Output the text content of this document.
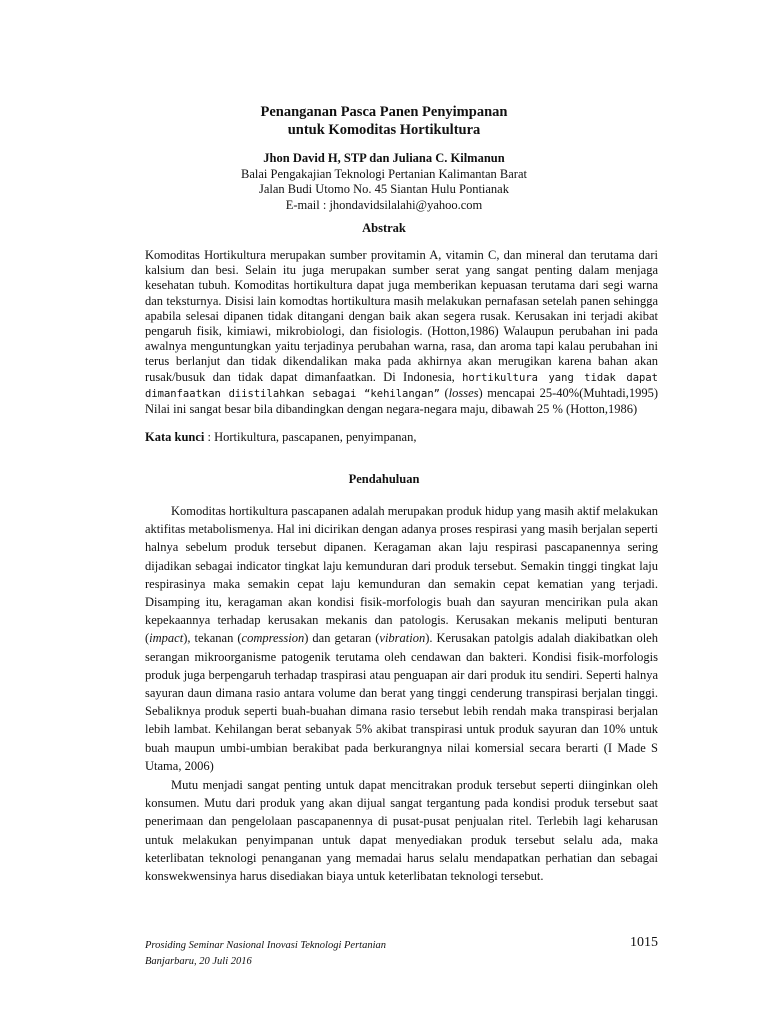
Penanganan Pasca Panen Penyimpanan
untuk Komoditas Hortikultura
Jhon David H, STP dan Juliana C. Kilmanun
Balai Pengakajian Teknologi Pertanian Kalimantan Barat
Jalan Budi Utomo No. 45 Siantan Hulu Pontianak
E-mail : jhondavidsilalahi@yahoo.com
Abstrak
Komoditas Hortikultura merupakan sumber provitamin A, vitamin C, dan mineral dan terutama dari kalsium dan besi. Selain itu juga merupakan sumber serat yang sangat penting dalam menjaga kesehatan tubuh. Komoditas hortikultura dapat juga memberikan kepuasan terutama dari segi warna dan teksturnya. Disisi lain komodtas hortikultura masih melakukan pernafasan setelah panen sehingga apabila selesai dipanen tidak ditangani dengan baik akan segera rusak. Kerusakan ini terjadi akibat pengaruh fisik, kimiawi, mikrobiologi, dan fisiologis. (Hotton,1986) Walaupun perubahan ini pada awalnya menguntungkan yaitu terjadinya perubahan warna, rasa, dan aroma tapi kalau perubahan ini terus berlanjut dan tidak dikendalikan maka pada akhirnya akan merugikan karena bahan akan rusak/busuk dan tidak dapat dimanfaatkan. Di Indonesia, hortikultura yang tidak dapat dimanfaatkan diistilahkan sebagai “kehilangan” (losses) mencapai 25-40%(Muhtadi,1995) Nilai ini sangat besar bila dibandingkan dengan negara-negara maju, dibawah 25 % (Hotton,1986)
Kata kunci : Hortikultura, pascapanen, penyimpanan,
Pendahuluan

Komoditas hortikultura pascapanen adalah merupakan produk hidup yang masih aktif melakukan aktifitas metabolismenya. Hal ini dicirikan dengan adanya proses respirasi yang masih berjalan seperti halnya sebelum produk tersebut dipanen. Keragaman akan laju respirasi pascapanennya sering dijadikan sebagai indicator tingkat laju kemunduran dari produk tersebut. Semakin tinggi tingkat laju respirasinya maka semakin cepat laju kemunduran dan semakin cepat kematian yang terjadi. Disamping itu, keragaman akan kondisi fisik-morfologis buah dan sayuran mencirikan pula akan kepekaannya terhadap kerusakan mekanis dan patologis. Kerusakan mekanis meliputi benturan (impact), tekanan (compression) dan getaran (vibration). Kerusakan patolgis adalah diakibatkan oleh serangan mikroorganisme patogenik terutama oleh cendawan dan bakteri. Kondisi fisik-morfologis produk juga berpengaruh terhadap traspirasi atau penguapan air dari produk itu sendiri. Seperti halnya sayuran daun dimana rasio antara volume dan berat yang tinggi cenderung transpirasi berjalan tinggi. Sebaliknya produk seperti buah-buahan dimana rasio tersebut lebih rendah maka transpirasi berjalan lebih lambat. Kehilangan berat sebanyak 5% akibat transpirasi untuk produk sayuran dan 10% untuk buah maupun umbi-umbian berakibat pada berkurangnya nilai komersial secara berarti (I Made S Utama, 2006)

Mutu menjadi sangat penting untuk dapat mencitrakan produk tersebut seperti diinginkan oleh konsumen. Mutu dari produk yang akan dijual sangat tergantung pada kondisi produk tersebut saat penerimaan dan pengelolaan pascapanennya di pusat-pusat penjualan ritel. Terlebih lagi keharusan untuk melakukan penyimpanan untuk dapat menyediakan produk tersebut selalu ada, maka keterlibatan teknologi penanganan yang memadai harus selalu mendapatkan perhatian dan sebagai konswekwensinya harus disediakan biaya untuk keterlibatan teknologi tersebut.

Prosiding Seminar Nasional Inovasi Teknologi Pertanian
Banjarbaru, 20 Juli 2016
1015
